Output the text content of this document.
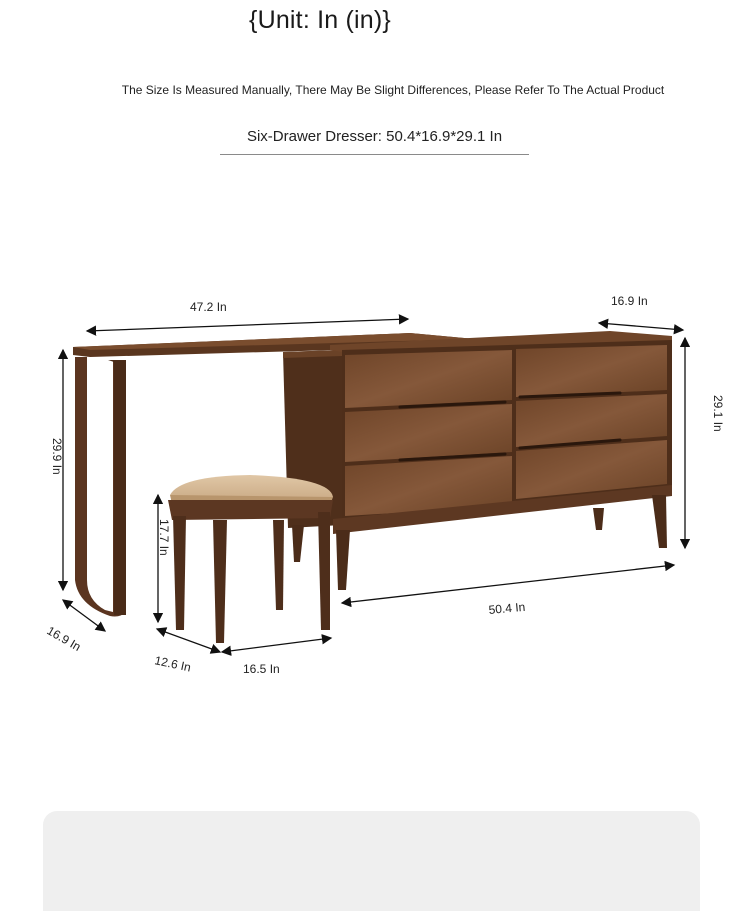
{Unit: In (in)}
The Size Is Measured Manually, There May Be Slight Differences, Please Refer To The Actual Product
Six-Drawer Dresser: 50.4*16.9*29.1 In
47.2 In	16.9 In
29.1 In
29.9 In
17.7 In
50.4 In
16.9 In
12.6 In	16.5 In
